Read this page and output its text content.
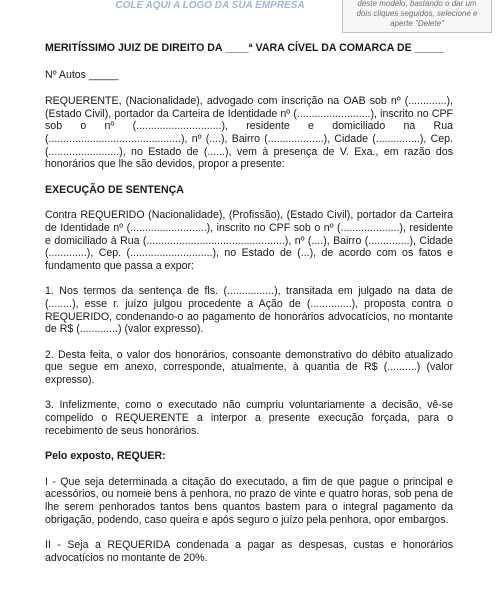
COLE AQUI A LOGO DA SUA EMPRESA	deste modelo, bastando o dar um dois cliques seguidos, selecione e aperte "Delete"

MERITÍSSIMO JUIZ DE DIREITO DA ____ª VARA CÍVEL DA COMARCA DE _____

Nº Autos _____

REQUERENTE, (Nacionalidade), advogado com inscrição na OAB sob nº (.............), (Estado Civil), portador da Carteira de Identidade nº (.........................), inscrito no CPF sob o nº (.............................), residente e domiciliado na Rua (.............................................), nº (....), Bairro (...................), Cidade (...............), Cep. (........................), no Estado de (......), vem à presença de V. Exa., em razão dos honorários que lhe são devidos, propor a presente:

EXECUÇÃO DE SENTENÇA

Contra REQUERIDO (Nacionalidade), (Profissão), (Estado Civil), portador da Carteira de Identidade nº (..........................), inscrito no CPF sob o nº (....................), residente e domiciliado à Rua (...............................................), nº (....), Bairro (..............), Cidade (.............), Cep. (............................), no Estado de (...), de acordo com os fatos e fundamento que passa a expor:

1. Nos termos da sentença de fls. (................), transitada em julgado na data de (........), esse r. juízo julgou procedente a Ação de (..............), proposta contra o REQUERIDO, condenando-o ao pagamento de honorários advocatícios, no montante de R$ (.............) (valor expresso).

2. Desta feita, o valor dos honorários, consoante demonstrativo do débito atualizado que segue em anexo, corresponde, atualmente, à quantia de R$ (..........) (valor expresso).

3. Infelizmente, como o executado não cumpriu voluntariamente a decisão, vê-se compelido o REQUERENTE a interpor a presente execução forçada, para o recebimento de seus honorários.

Pelo exposto, REQUER:

I - Que seja determinada a citação do executado, a fim de que pague o principal e acessórios, ou nomeie bens à penhora, no prazo de vinte e quatro horas, sob pena de lhe serem penhorados tantos bens quantos bastem para o integral pagamento da obrigação, podendo, caso queira e após seguro o juízo pela penhora, opor embargos.

II - Seja a REQUERIDA condenada a pagar as despesas, custas e honorários advocatícios no montante de 20%.
